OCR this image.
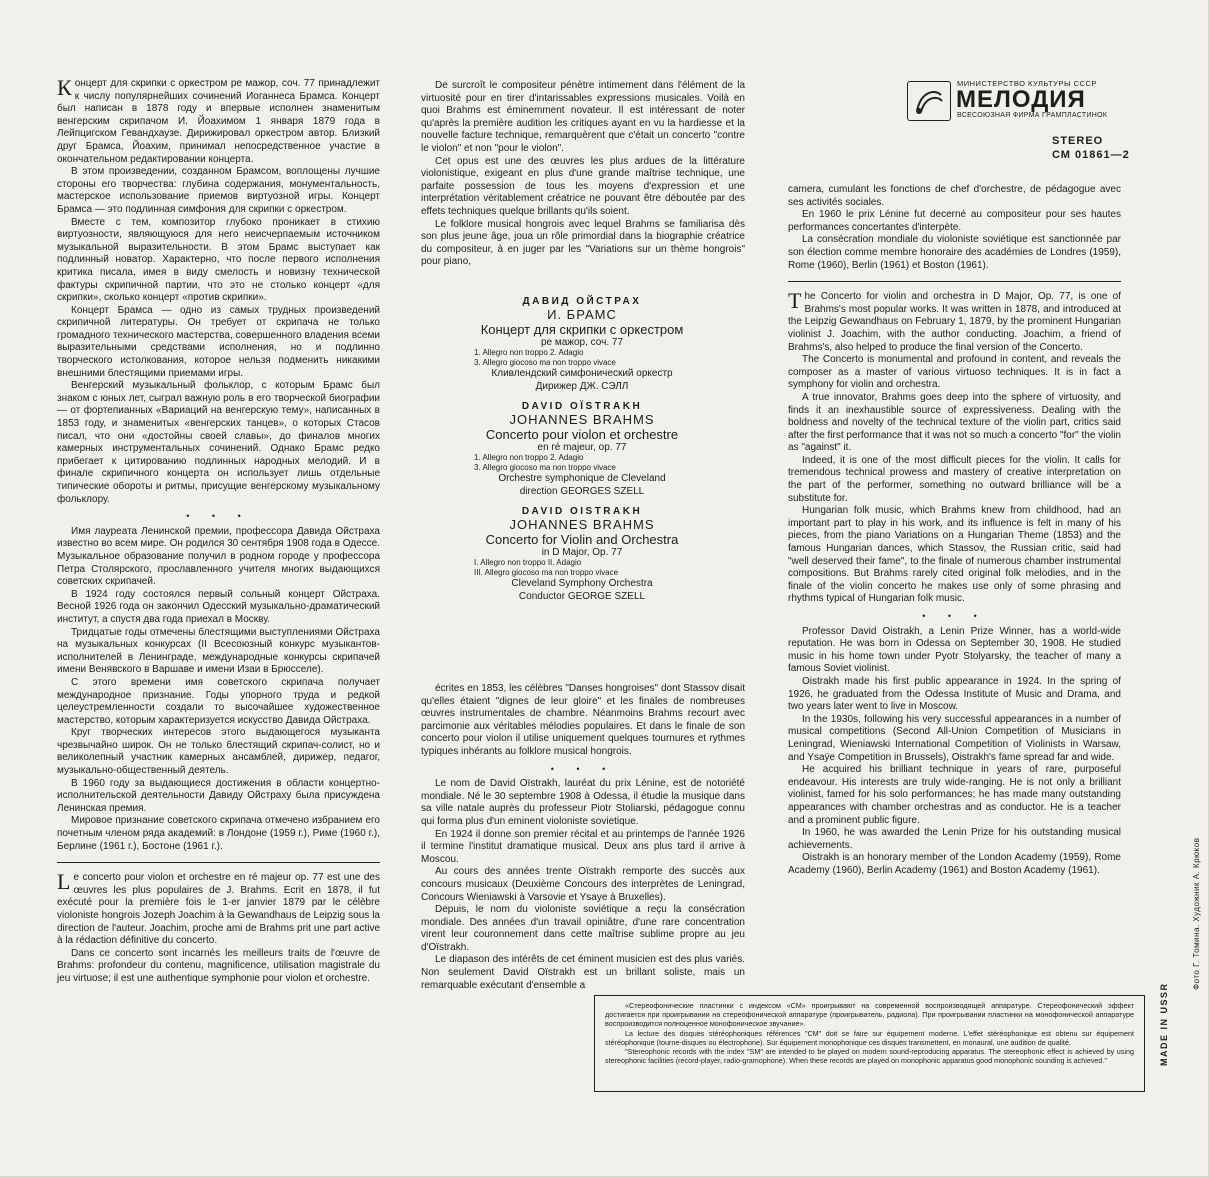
МИНИСТЕРСТВО КУЛЬТУРЫ СССР
МЕЛОДИЯ
ВСЕСОЮЗНАЯ ФИРМА ГРАМПЛАСТИНОК
STEREO
СМ 01861—2

Концерт для скрипки с оркестром ре мажор, соч. 77 принадлежит к числу популярнейших сочинений Иоганнеса Брамса. Концерт был написан в 1878 году и впервые исполнен знаменитым венгерским скрипачом И. Йоахимом 1 января 1879 года в Лейпцигском Гевандхаузе. Дирижировал оркестром автор. Близкий друг Брамса, Йоахим, принимал непосредственное участие в окончательном редактировании концерта.

В этом произведении, созданном Брамсом, воплощены лучшие стороны его творчества: глубина содержания, монументальность, мастерское использование приемов виртуозной игры. Концерт Брамса — это подлинная симфония для скрипки с оркестром.

Вместе с тем, композитор глубоко проникает в стихию виртуозности, являющуюся для него неисчерпаемым источником музыкальной выразительности. В этом Брамс выступает как подлинный новатор. Характерно, что после первого исполнения критика писала, имея в виду смелость и новизну технической фактуры скрипичной партии, что это не столько концерт «для скрипки», сколько концерт «против скрипки».

Концерт Брамса — одно из самых трудных произведений скрипичной литературы. Он требует от скрипача не только громадного технического мастерства, совершенного владения всеми выразительными средствами исполнения, но и подлинно творческого истолкования, которое нельзя подменить никакими внешними блестящими приемами игры.

Венгерский музыкальный фольклор, с которым Брамс был знаком с юных лет, сыграл важную роль в его творческой биографии — от фортепианных «Вариаций на венгерскую тему», написанных в 1853 году, и знаменитых «венгерских танцев», о которых Стасов писал, что они «достойны своей славы», до финалов многих камерных инструментальных сочинений. Однако Брамс редко прибегает к цитированию подлинных народных мелодий. И в финале скрипичного концерта он использует лишь отдельные типические обороты и ритмы, присущие венгерскому музыкальному фольклору.

• • •

Имя лауреата Ленинской премии, профессора Давида Ойстраха известно во всем мире. Он родился 30 сентября 1908 года в Одессе. Музыкальное образование получил в родном городе у профессора Петра Столярского, прославленного учителя многих выдающихся советских скрипачей.

В 1924 году состоялся первый сольный концерт Ойстраха. Весной 1926 года он закончил Одесский музыкально-драматический институт, а спустя два года приехал в Москву.

Тридцатые годы отмечены блестящими выступлениями Ойстраха на музыкальных конкурсах (II Всесоюзный конкурс музыкантов-исполнителей в Ленинграде, международные конкурсы скрипачей имени Венявского в Варшаве и имени Изаи в Брюсселе).

С этого времени имя советского скрипача получает международное признание. Годы упорного труда и редкой целеустремленности создали то высочайшее художественное мастерство, которым характеризуется искусство Давида Ойстраха.

Круг творческих интересов этого выдающегося музыканта чрезвычайно широк. Он не только блестящий скрипач-солист, но и великолепный участник камерных ансамблей, дирижер, педагог, музыкально-общественный деятель.

В 1960 году за выдающиеся достижения в области концертно-исполнительской деятельности Давиду Ойстраху была присуждена Ленинская премия.

Мировое признание советского скрипача отмечено избранием его почетным членом ряда академий: в Лондоне (1959 г.), Риме (1960 г.), Берлине (1961 г.), Бостоне (1961 г.).

Le concerto pour violon et orchestre en ré majeur op. 77 est une des œuvres les plus populaires de J. Brahms. Ecrit en 1878, il fut exécuté pour la première fois le 1-er janvier 1879 par le célèbre violoniste hongrois Jozeph Joachim à la Gewandhaus de Leipzig sous la direction de l'auteur. Joachim, proche ami de Brahms prit une part active à la rédaction définitive du concerto.

Dans ce concerto sont incarnés les meilleurs traits de l'œuvre de Brahms: profondeur du contenu, magnificence, utilisation magistrale du jeu virtuose; il est une authentique symphonie pour violon et orchestre.

De surcroît le compositeur pénètre intimement dans l'élément de la virtuosité pour en tirer d'intarissables expressions musicales. Voilà en quoi Brahms est éminemment novateur. Il est intéressant de noter qu'après la première audition les critiques ayant en vu la hardiesse et la nouvelle facture technique, remarquèrent que c'était un concerto "contre le violon" et non "pour le violon".

Cet opus est une des œuvres les plus ardues de la littérature violonistique, exigeant en plus d'une grande maîtrise technique, une parfaite possession de tous les moyens d'expression et une interprétation véritablement créatrice ne pouvant être déboutée par des effets techniques quelque brillants qu'ils soient.

Le folklore musical hongrois avec lequel Brahms se familiarisa dès son plus jeune âge, joua un rôle primordial dans la biographie créatrice du compositeur, à en juger par les "Variations sur un thème hongrois" pour piano,

ДАВИД ОЙСТРАХ
И. БРАМС
Концерт для скрипки с оркестром
ре мажор, соч. 77
1. Allegro non troppo 2. Adagio
3. Allegro giocoso ma non troppo vivace
Кливлендский симфонический оркестр
Дирижер ДЖ. СЭЛЛ
DAVID OÏSTRAKH
JOHANNES BRAHMS
Concerto pour violon et orchestre
en ré majeur, op. 77
1. Allegro non troppo 2. Adagio
3. Allegro giocoso ma non troppo vivace
Orchestre symphonique de Cleveland
direction GEORGES SZELL
DAVID OISTRAKH
JOHANNES BRAHMS
Concerto for Violin and Orchestra
in D Major, Op. 77
I. Allegro non troppo II. Adagio
III. Allegro giocoso ma non troppo vivace
Cleveland Symphony Orchestra
Conductor GEORGE SZELL

écrites en 1853, les célèbres "Danses hongroises" dont Stassov disait qu'elles étaient "dignes de leur gloire" et les finales de nombreuses œuvres instrumentales de chambre. Néanmoins Brahms recourt avec parcimonie aux véritables mélodies populaires. Et dans le finale de son concerto pour violon il utilise uniquement quelques tournures et rythmes typiques inhérants au folklore musical hongrois.

• • •

Le nom de David Oïstrakh, lauréat du prix Lénine, est de notoriété mondiale. Né le 30 septembre 1908 à Odessa, il étudie la musique dans sa ville natale auprès du professeur Piotr Stoliarski, pédagogue connu qui forma plus d'un eminent violoniste sovietique.

En 1924 il donne son premier récital et au printemps de l'année 1926 il termine l'institut dramatique musical. Deux ans plus tard il arrive à Moscou.

Au cours des années trente Oïstrakh remporte des succès aux concours musicaux (Deuxième Concours des interprètes de Leningrad, Concours Wieniawski à Varsovie et Ysaye à Bruxelles).

Depuis, le nom du violoniste soviétique a reçu la consécration mondiale. Des années d'un travail opiniâtre, d'une rare concentration virent leur couronnement dans cette maîtrise sublime propre au jeu d'Oïstrakh.

Le diapason des intérêts de cet éminent musicien est des plus variés. Non seulement David Oïstrakh est un brillant soliste, mais un remarquable exécutant d'ensemble a

camera, cumulant les fonctions de chef d'orchestre, de pédagogue avec ses activités sociales.

En 1960 le prix Lénine fut decerné au compositeur pour ses hautes performances concertantes d'interpète.

La consécration mondiale du violoniste soviétique est sanctionnée par son élection comme membre honoraire des académies de Londres (1959), Rome (1960), Berlin (1961) et Boston (1961).

The Concerto for violin and orchestra in D Major, Op. 77, is one of Brahms's most popular works. It was written in 1878, and introduced at the Leipzig Gewandhaus on February 1, 1879, by the prominent Hungarian violinist J. Joachim, with the author conducting. Joachim, a friend of Brahms's, also helped to produce the final version of the Concerto.

The Concerto is monumental and profound in content, and reveals the composer as a master of various virtuoso techniques. It is in fact a symphony for violin and orchestra.

A true innovator, Brahms goes deep into the sphere of virtuosity, and finds it an inexhaustible source of expressiveness. Dealing with the boldness and novelty of the technical texture of the violin part, critics said after the first performance that it was not so much a concerto "for" the violin as "against" it.

Indeed, it is one of the most difficult pieces for the violin. It calls for tremendous technical prowess and mastery of creative interpretation on the part of the performer, something no outward brilliance will be a substitute for.

Hungarian folk music, which Brahms knew from childhood, had an important part to play in his work, and its influence is felt in many of his pieces, from the piano Variations on a Hungarian Theme (1853) and the famous Hungarian dances, which Stassov, the Russian critic, said had "well deserved their fame", to the finale of numerous chamber instrumental compositions. But Brahms rarely cited original folk melodies, and in the finale of the violin concerto he makes use only of some phrasing and rhythms typical of Hungarian folk music.

• • •

Professor David Oistrakh, a Lenin Prize Winner, has a world-wide reputation. He was born in Odessa on September 30, 1908. He studied music in his home town under Pyotr Stolyarsky, the teacher of many a famous Soviet violinist.

Oistrakh made his first public appearance in 1924. In the spring of 1926, he graduated from the Odessa Institute of Music and Drama, and two years later went to live in Moscow.

In the 1930s, following his very successful appearances in a number of musical competitions (Second All-Union Competition of Musicians in Leningrad, Wieniawski International Competition of Violinists in Warsaw, and Ysaÿe Competition in Brussels), Oistrakh's fame spread far and wide.

He acquired his brilliant technique in years of rare, purposeful endeavour. His interests are truly wide-ranging. He is not only a brilliant violinist, famed for his solo performances; he has made many outstanding appearances with chamber orchestras and as conductor. He is a teacher and a prominent public figure.

In 1960, he was awarded the Lenin Prize for his outstanding musical achievements.

Oistrakh is an honorary member of the London Academy (1959), Rome Academy (1960), Berlin Academy (1961) and Boston Academy (1961).

«Стереофонические пластинки с индексом «СМ» проигрывают на современной воспроизводящей аппаратуре. Стереофонический эффект достигается при проигрывании на стереофонической аппаратуре (проигрыватель, радиола). При проигрывании пластинки на монофонической аппаратуре воспроизводится полноценное монофоническое звучание».

La lecture des disques stéréophoniques références "CM" doit se faire sur équipement moderne. L'effet stéréophonique est obtenu sur équipement stéréophonique (tourne-disques ou électrophone). Sur équipement monophonique ces disques transmettent, en monaural, une audition de qualité.

"Stereophonic records with the index "SM" are intended to be played on modern sound-reproducing apparatus. The stereophonic effect is achieved by using stereophonic facilities (record-player, radio-gramophone). When these records are played on monophonic apparatus good monophonic sounding is achieved."	MADE IN USSR
Фото Г. Томина. Художник А. Крюков
